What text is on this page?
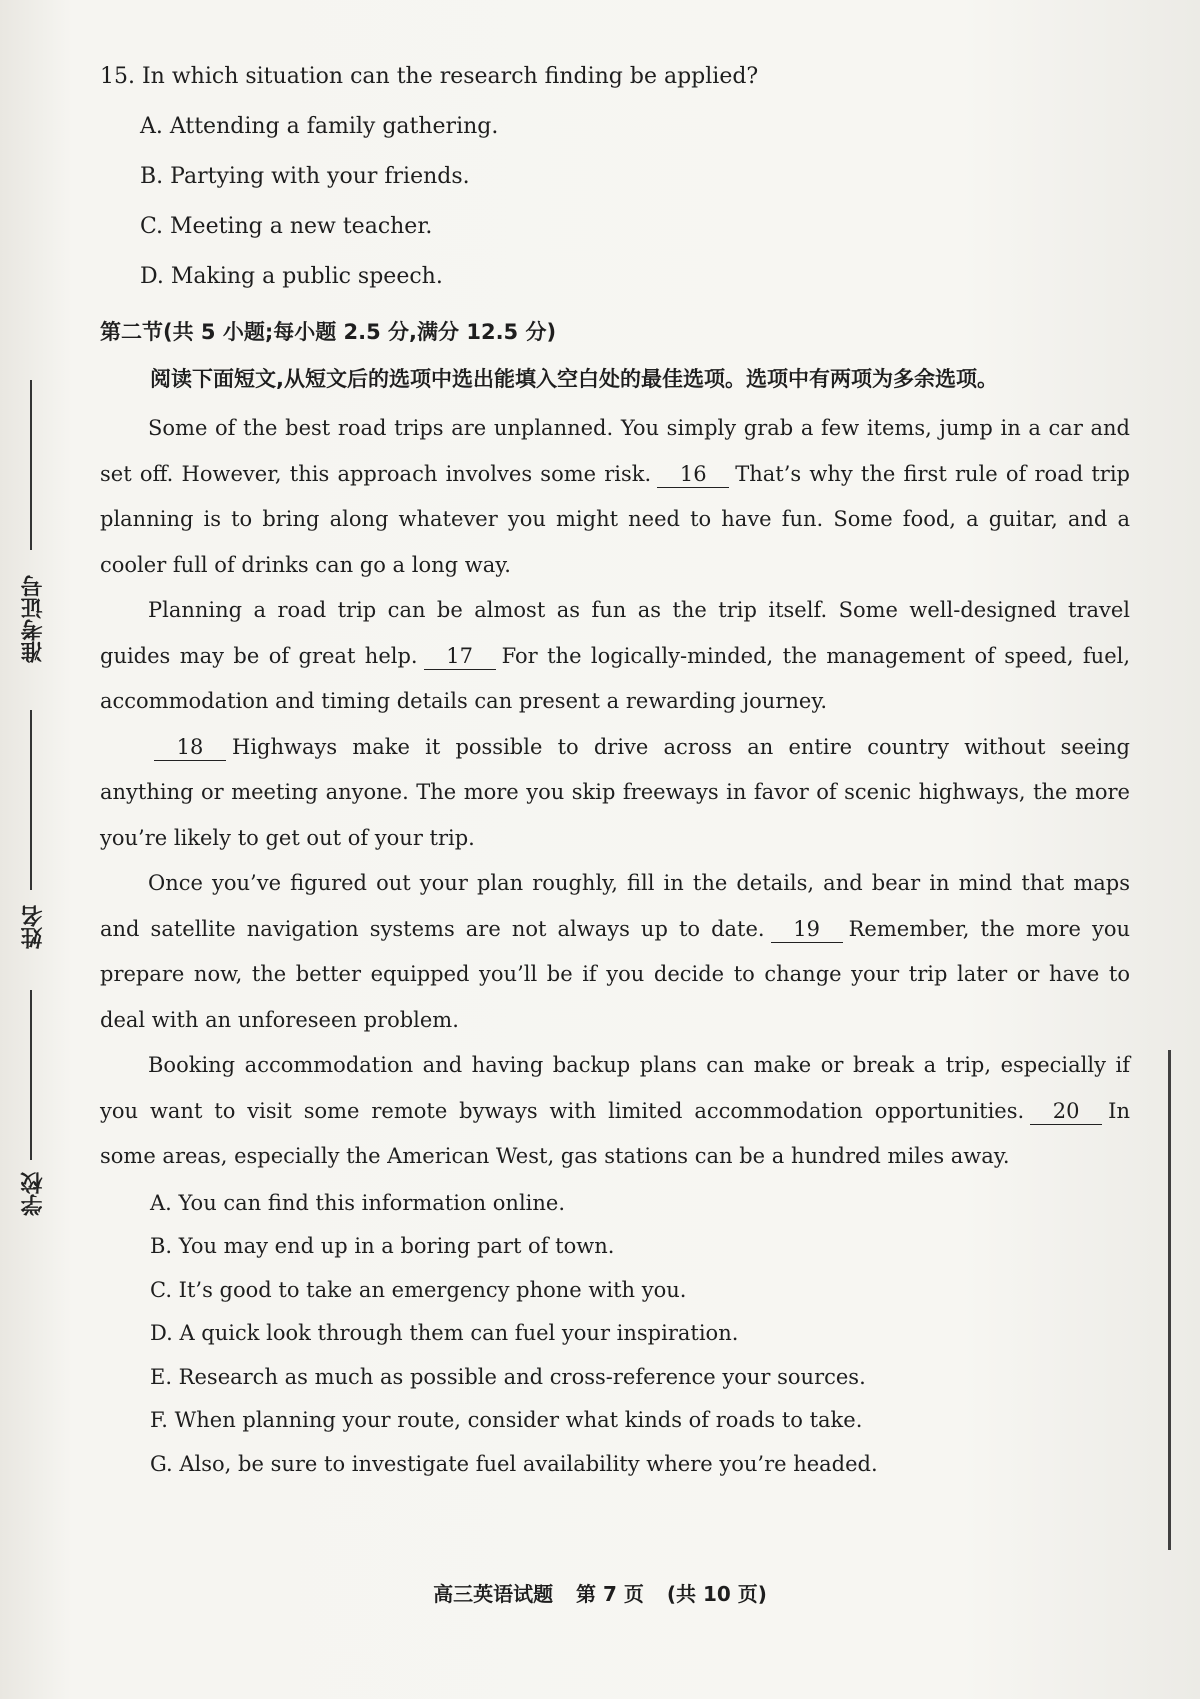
准考证号
姓名
学校

15. In which situation can the research finding be applied?

A. Attending a family gathering.

B. Partying with your friends.

C. Meeting a new teacher.

D. Making a public speech.

第二节(共 5 小题;每小题 2.5 分,满分 12.5 分)

阅读下面短文,从短文后的选项中选出能填入空白处的最佳选项。选项中有两项为多余选项。

Some of the best road trips are unplanned. You simply grab a few items, jump in a car and set off. However, this approach involves some risk. 16 That’s why the first rule of road trip planning is to bring along whatever you might need to have fun. Some food, a guitar, and a cooler full of drinks can go a long way.

Planning a road trip can be almost as fun as the trip itself. Some well-designed travel guides may be of great help. 17 For the logically-minded, the management of speed, fuel, accommodation and timing details can present a rewarding journey.

18 Highways make it possible to drive across an entire country without seeing anything or meeting anyone. The more you skip freeways in favor of scenic highways, the more you’re likely to get out of your trip.

Once you’ve figured out your plan roughly, fill in the details, and bear in mind that maps and satellite navigation systems are not always up to date. 19 Remember, the more you prepare now, the better equipped you’ll be if you decide to change your trip later or have to deal with an unforeseen problem.

Booking accommodation and having backup plans can make or break a trip, especially if you want to visit some remote byways with limited accommodation opportunities. 20 In some areas, especially the American West, gas stations can be a hundred miles away.

A. You can find this information online.

B. You may end up in a boring part of town.

C. It’s good to take an emergency phone with you.

D. A quick look through them can fuel your inspiration.

E. Research as much as possible and cross-reference your sources.

F. When planning your route, consider what kinds of roads to take.

G. Also, be sure to investigate fuel availability where you’re headed.

高三英语试题 第 7 页 (共 10 页)
